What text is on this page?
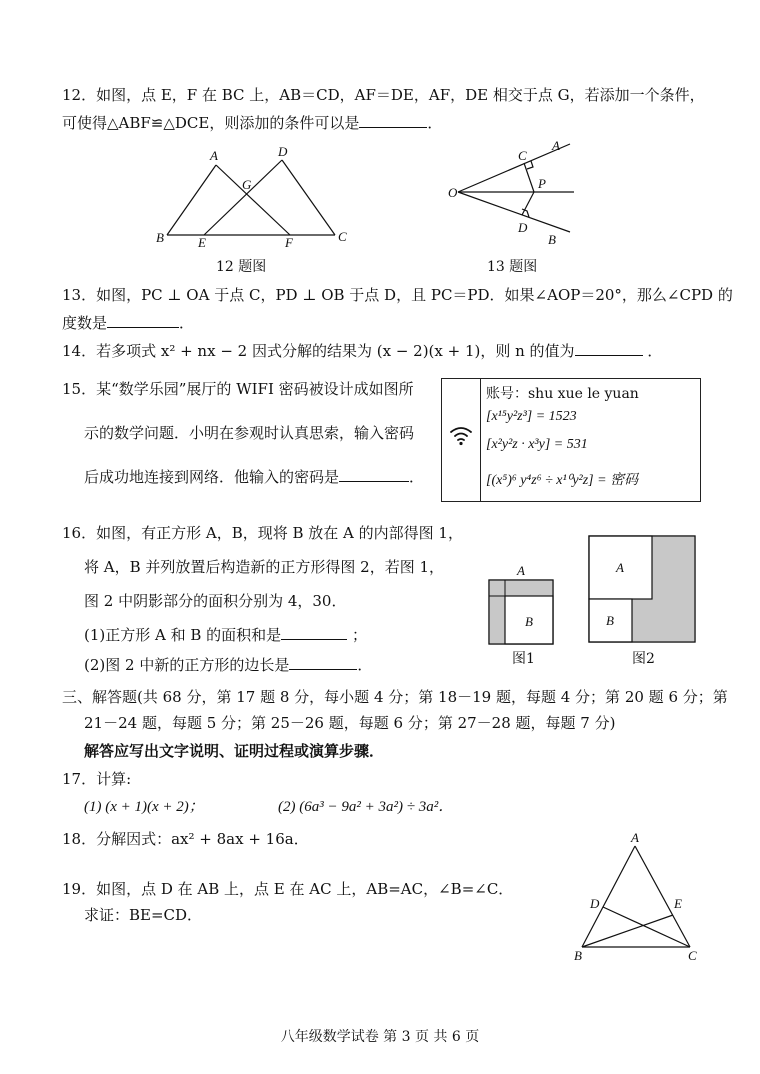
12．如图，点 E，F 在 BC 上，AB＝CD，AF＝DE，AF，DE 相交于点 G，若添加一个条件，
可使得△ABF≌△DCE，则添加的条件可以是	．
A	D
G
B	E	F	C
12 题图
O
C
A
P
D
B
13 题图
13．如图，PC ⊥ OA 于点 C，PD ⊥ OB 于点 D，且 PC＝PD．如果∠AOP＝20°，那么∠CPD 的
度数是	．
14．若多项式 x² + nx − 2 因式分解的结果为 (x − 2)(x + 1)，则 n 的值为	．
15．某“数学乐园”展厅的 WIFI 密码被设计成如图所
示的数学问题．小明在参观时认真思索，输入密码
后成功地连接到网络．他输入的密码是	．
账号：shu xue le yuan
[x¹⁵y²z³] = 1523
[x²y²z · x³y] = 531
[(x⁵)⁶ y⁴z⁶ ÷ x¹⁰y²z] = 密码
16．如图，有正方形 A，B，现将 B 放在 A 的内部得图 1，
将 A，B 并列放置后构造新的正方形得图 2，若图 1，
图 2 中阴影部分的面积分别为 4，30．
(1)正方形 A 和 B 的面积和是	；
(2)图 2 中新的正方形的边长是	．
A
B
图1
A
B
图2
三、解答题(共 68 分，第 17 题 8 分，每小题 4 分；第 18－19 题，每题 4 分；第 20 题 6 分；第
21－24 题，每题 5 分；第 25－26 题，每题 6 分；第 27－28 题，每题 7 分)
解答应写出文字说明、证明过程或演算步骤．
17．计算:
(1) (x + 1)(x + 2)；	(2) (6a³ − 9a² + 3a²) ÷ 3a²．
18．分解因式：ax² + 8ax + 16a．
19．如图，点 D 在 AB 上，点 E 在 AC 上，AB=AC，∠B=∠C．
求证：BE=CD．
A
D	E
B	C
八年级数学试卷 第 3 页 共 6 页
